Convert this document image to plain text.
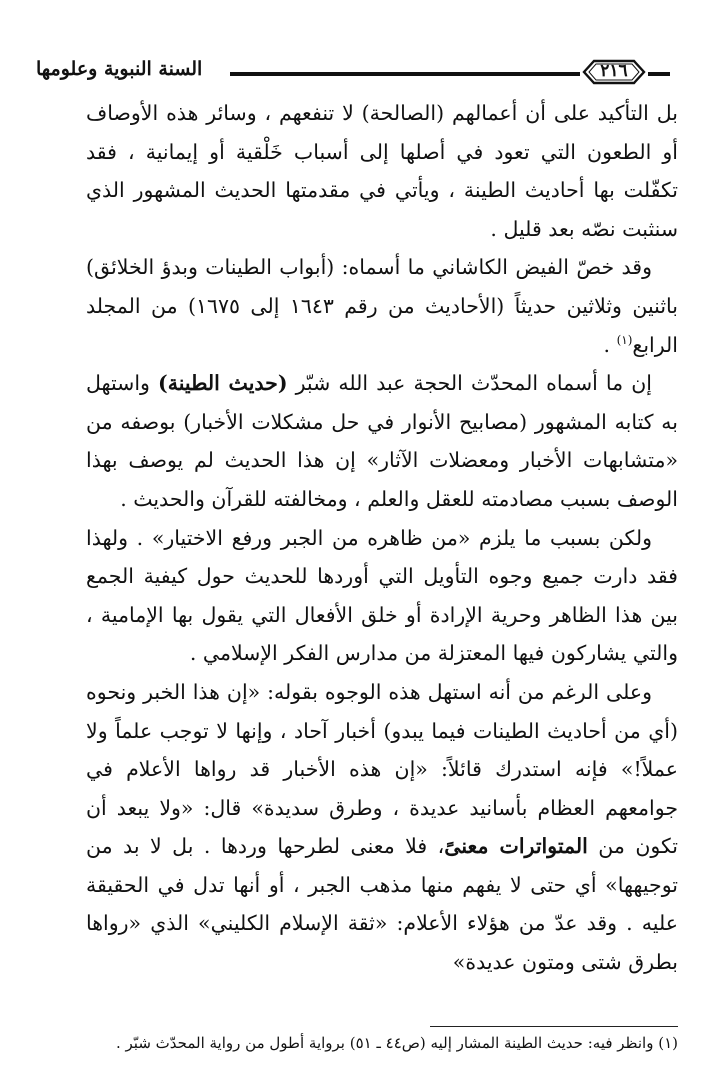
السنة النبوية وعلومها	٢١٦

بل التأكيد على أن أعمالهم (الصالحة) لا تنفعهم ، وسائر هذه الأوصاف أو الطعون التي تعود في أصلها إلى أسباب خَلْقية أو إيمانية ، فقد تكفّلت بها أحاديث الطينة ، ويأتي في مقدمتها الحديث المشهور الذي سنثبت نصّه بعد قليل .

وقد خصّ الفيض الكاشاني ما أسماه: (أبواب الطينات وبدؤ الخلائق) باثنين وثلاثين حديثاً (الأحاديث من رقم ١٦٤٣ إلى ١٦٧٥) من المجلد الرابع$^{(١)}$ .

إن ما أسماه المحدّث الحجة عبد الله شبّر (حديث الطينة) واستهل به كتابه المشهور (مصابيح الأنوار في حل مشكلات الأخبار) بوصفه من «متشابهات الأخبار ومعضلات الآثار» إن هذا الحديث لم يوصف بهذا الوصف بسبب مصادمته للعقل والعلم ، ومخالفته للقرآن والحديث .

ولكن بسبب ما يلزم «من ظاهره من الجبر ورفع الاختيار» . ولهذا فقد دارت جميع وجوه التأويل التي أوردها للحديث حول كيفية الجمع بين هذا الظاهر وحرية الإرادة أو خلق الأفعال التي يقول بها الإمامية ، والتي يشاركون فيها المعتزلة من مدارس الفكر الإسلامي .

وعلى الرغم من أنه استهل هذه الوجوه بقوله: «إن هذا الخبر ونحوه (أي من أحاديث الطينات فيما يبدو) أخبار آحاد ، وإنها لا توجب علماً ولا عملاً!» فإنه استدرك قائلاً: «إن هذه الأخبار قد رواها الأعلام في جوامعهم العظام بأسانيد عديدة ، وطرق سديدة» قال: «ولا يبعد أن تكون من المتواترات معنىً، فلا معنى لطرحها وردها . بل لا بد من توجيهها» أي حتى لا يفهم منها مذهب الجبر ، أو أنها تدل في الحقيقة عليه . وقد عدّ من هؤلاء الأعلام: «ثقة الإسلام الكليني» الذي «رواها بطرق شتى ومتون عديدة»

(١) وانظر فيه: حديث الطينة المشار إليه (ص٤٤ ـ ٥١) برواية أطول من رواية المحدّث شبّر .
